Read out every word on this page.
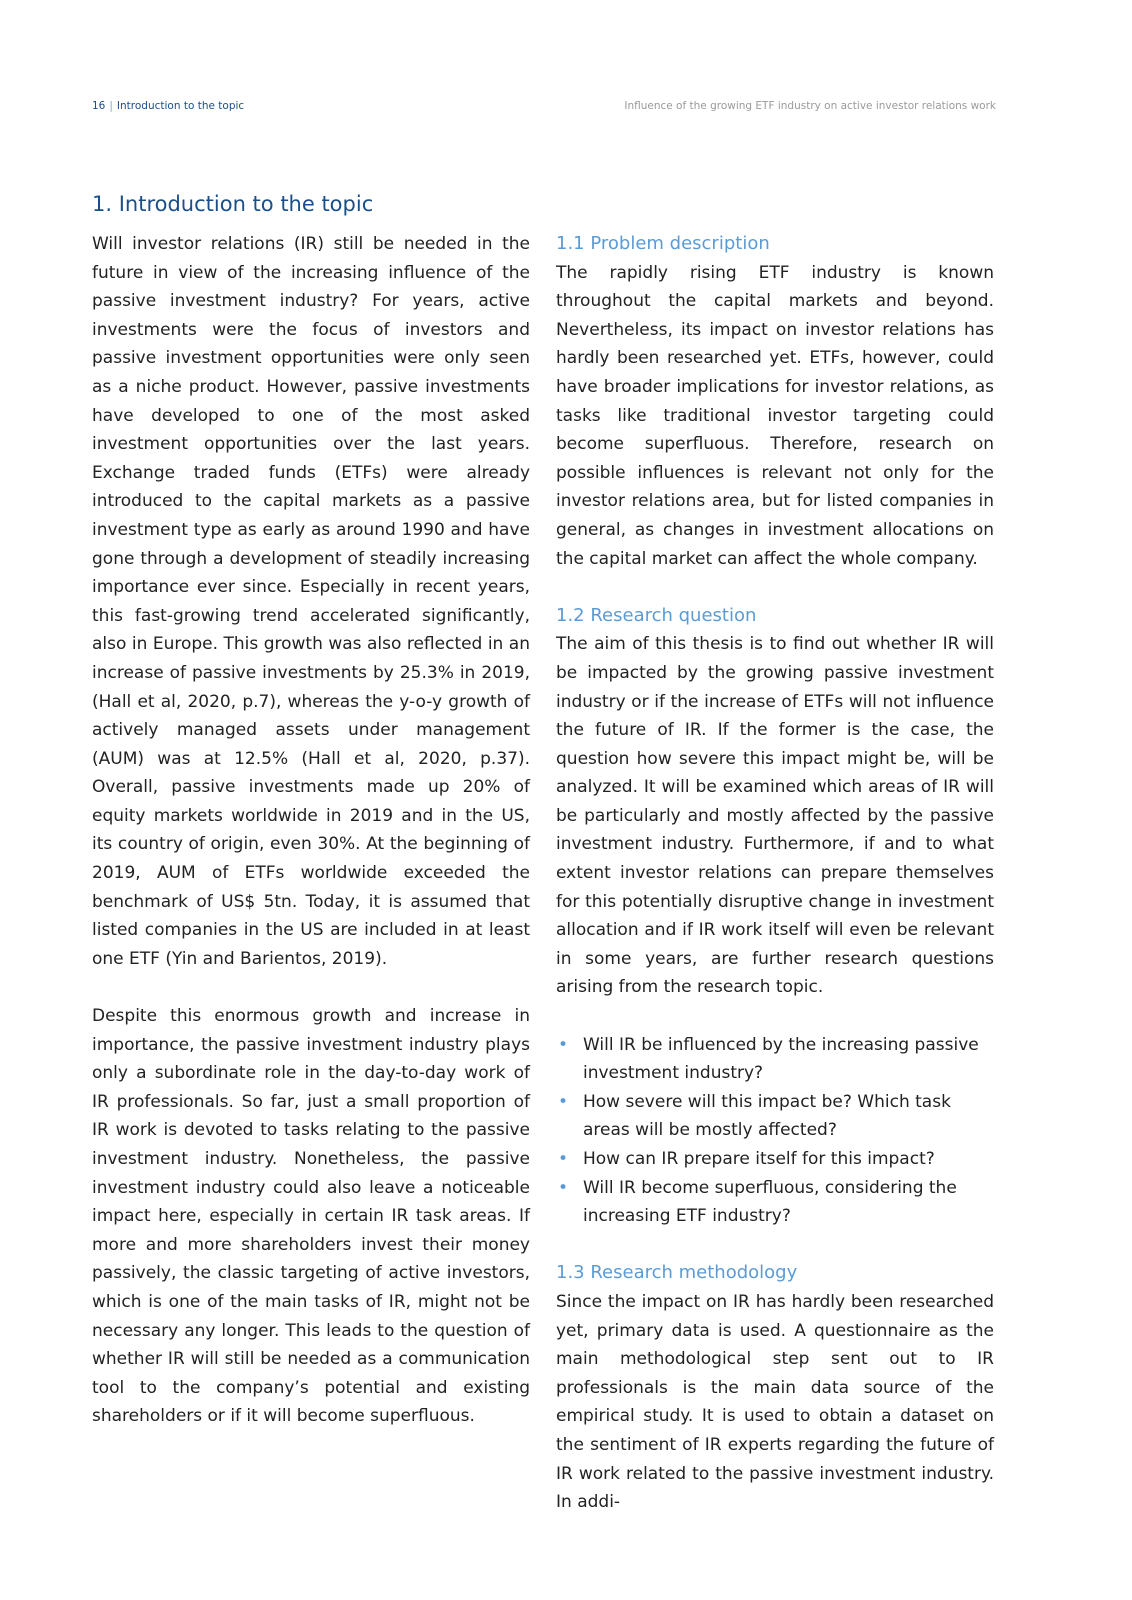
16 | Introduction to the topic	Influence of the growing ETF industry on active investor relations work
1. Introduction to the topic

Will investor relations (IR) still be needed in the future in view of the increasing influence of the passive investment industry? For years, active investments were the focus of investors and passive investment opportunities were only seen as a niche product. However, passive investments have developed to one of the most asked investment opportunities over the last years. Exchange traded funds (ETFs) were already introduced to the capital markets as a passive investment type as early as around 1990 and have gone through a development of steadily increasing importance ever since. Especially in recent years, this fast-growing trend accelerated significantly, also in Europe. This growth was also reflected in an increase of passive investments by 25.3% in 2019, (Hall et al, 2020, p.7), whereas the y-o-y growth of actively managed assets under management (AUM) was at 12.5% (Hall et al, 2020, p.37). Overall, passive investments made up 20% of equity markets worldwide in 2019 and in the US, its country of origin, even 30%. At the beginning of 2019, AUM of ETFs worldwide exceeded the benchmark of US$ 5tn. Today, it is assumed that listed companies in the US are included in at least one ETF (Yin and Barientos, 2019).

Despite this enormous growth and increase in importance, the passive investment industry plays only a subordinate role in the day-to-day work of IR professionals. So far, just a small proportion of IR work is devoted to tasks relating to the passive investment industry. Nonetheless, the passive investment industry could also leave a noticeable impact here, especially in certain IR task areas. If more and more shareholders invest their money passively, the classic targeting of active investors, which is one of the main tasks of IR, might not be necessary any longer. This leads to the question of whether IR will still be needed as a communication tool to the company’s potential and existing shareholders or if it will become superfluous.

1.1 Problem description

The rapidly rising ETF industry is known throughout the capital markets and beyond. Nevertheless, its impact on investor relations has hardly been researched yet. ETFs, however, could have broader implications for investor relations, as tasks like traditional investor targeting could become superfluous. Therefore, research on possible influences is relevant not only for the investor relations area, but for listed companies in general, as changes in investment allocations on the capital market can affect the whole company.

1.2 Research question

The aim of this thesis is to find out whether IR will be impacted by the growing passive investment industry or if the increase of ETFs will not influence the future of IR. If the former is the case, the question how severe this impact might be, will be analyzed. It will be examined which areas of IR will be particularly and mostly affected by the passive investment industry. Furthermore, if and to what extent investor relations can prepare themselves for this potentially disruptive change in investment allocation and if IR work itself will even be relevant in some years, are further research questions arising from the research topic.

• Will IR be influenced by the increasing passive investment industry?
• How severe will this impact be? Which task areas will be mostly affected?
• How can IR prepare itself for this impact?
• Will IR become superfluous, considering the increasing ETF industry?
1.3 Research methodology

Since the impact on IR has hardly been researched yet, primary data is used. A questionnaire as the main methodological step sent out to IR professionals is the main data source of the empirical study. It is used to obtain a dataset on the sentiment of IR experts regarding the future of IR work related to the passive investment industry. In addi-
